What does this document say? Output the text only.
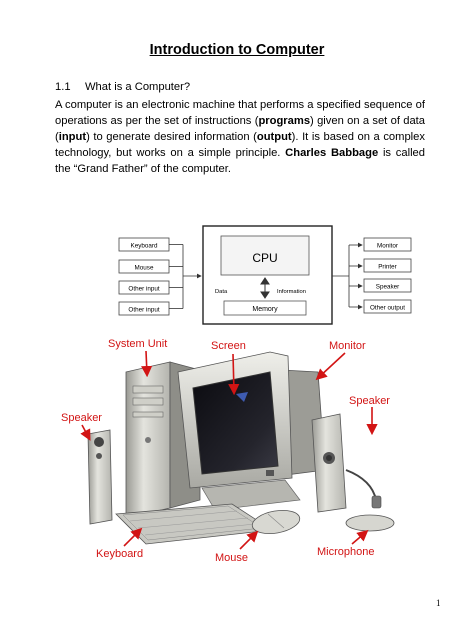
Introduction to Computer
1.1 What is a Computer?
A computer is an electronic machine that performs a specified sequence of operations as per the set of instructions (programs) given on a set of data (input) to generate desired information (output). It is based on a complex technology, but works on a simple principle. Charles Babbage is called the “Grand Father” of the computer.
Keyboard
Mouse
Other input
Other input
CPU
Memory
Data	Information
Monitor
Printer
Speaker
Other output
System Unit	Screen	Monitor
Speaker
Speaker
Keyboard	Mouse	Microphone
1
